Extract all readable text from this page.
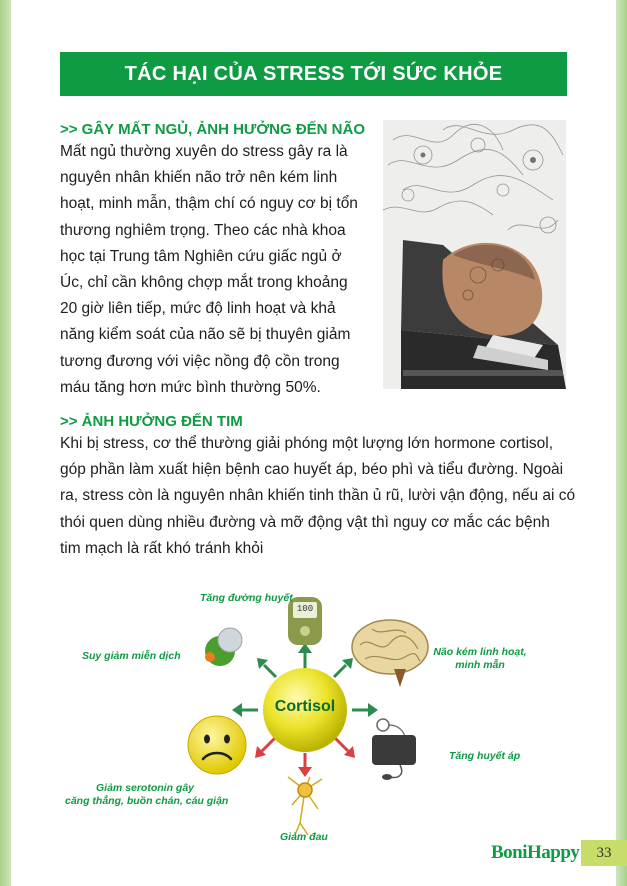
TÁC HẠI CỦA STRESS TỚI SỨC KHỎE
>> GÂY MẤT NGỦ, ẢNH HƯỞNG ĐẾN NÃO
Mất ngủ thường xuyên do stress gây ra là
nguyên nhân khiến não trở nên kém linh
hoạt, minh mẫn, thậm chí có nguy cơ bị tổn
thương nghiêm trọng. Theo các nhà khoa
học tại Trung tâm Nghiên cứu giấc ngủ ở
Úc, chỉ cần không chợp mắt trong khoảng
20 giờ liên tiếp, mức độ linh hoạt và khả
năng kiểm soát của não sẽ bị thuyên giảm
tương đương với việc nồng độ cồn trong
máu tăng hơn mức bình thường 50%.
>> ẢNH HƯỞNG ĐẾN TIM
Khi bị stress, cơ thể thường giải phóng một lượng lớn hormone cortisol,
góp phần làm xuất hiện bệnh cao huyết áp, béo phì và tiểu đường. Ngoài
ra, stress còn là nguyên nhân khiến tinh thần ủ rũ, lười vận động, nếu ai có
thói quen dùng nhiều đường và mỡ động vật thì nguy cơ mắc các bệnh
tim mạch là rất khó tránh khỏi
Cortisol
100
Tăng đường huyết
Suy giảm miễn dịch	Não kém linh hoạt,
minh mẫn
Tăng huyết áp
Giảm serotonin gây
căng thẳng, buồn chán, cáu giận
Giảm đau
BoniHappy	33
